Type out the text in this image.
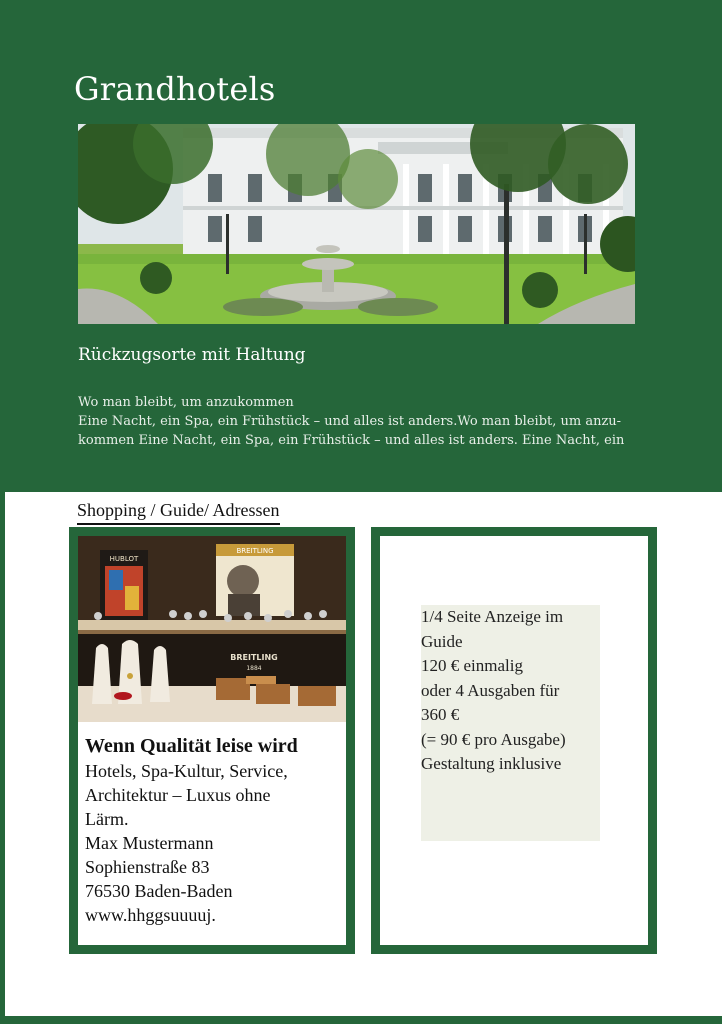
Grandhotels
Rückzugsorte mit Haltung

Wo man bleibt, um anzukommen

Eine Nacht, ein Spa, ein Frühstück – und alles ist anders.Wo man bleibt, um anzu-

kommen Eine Nacht, ein Spa, ein Frühstück – und alles ist anders. Eine Nacht, ein

Shopping / Guide/ Adressen
HUBLOT
BREITLING
BREITLING
1884
Wenn Qualität leise wird
Hotels, Spa-Kultur, Service,
Architektur – Luxus ohne
Lärm.
Max Mustermann
Sophienstraße 83
76530 Baden-Baden
www.hhggsuuuuj.
1/4 Seite Anzeige im
Guide
120 € einmalig
oder 4 Ausgaben für
360 €
(= 90 € pro Ausgabe)
Gestaltung inklusive
